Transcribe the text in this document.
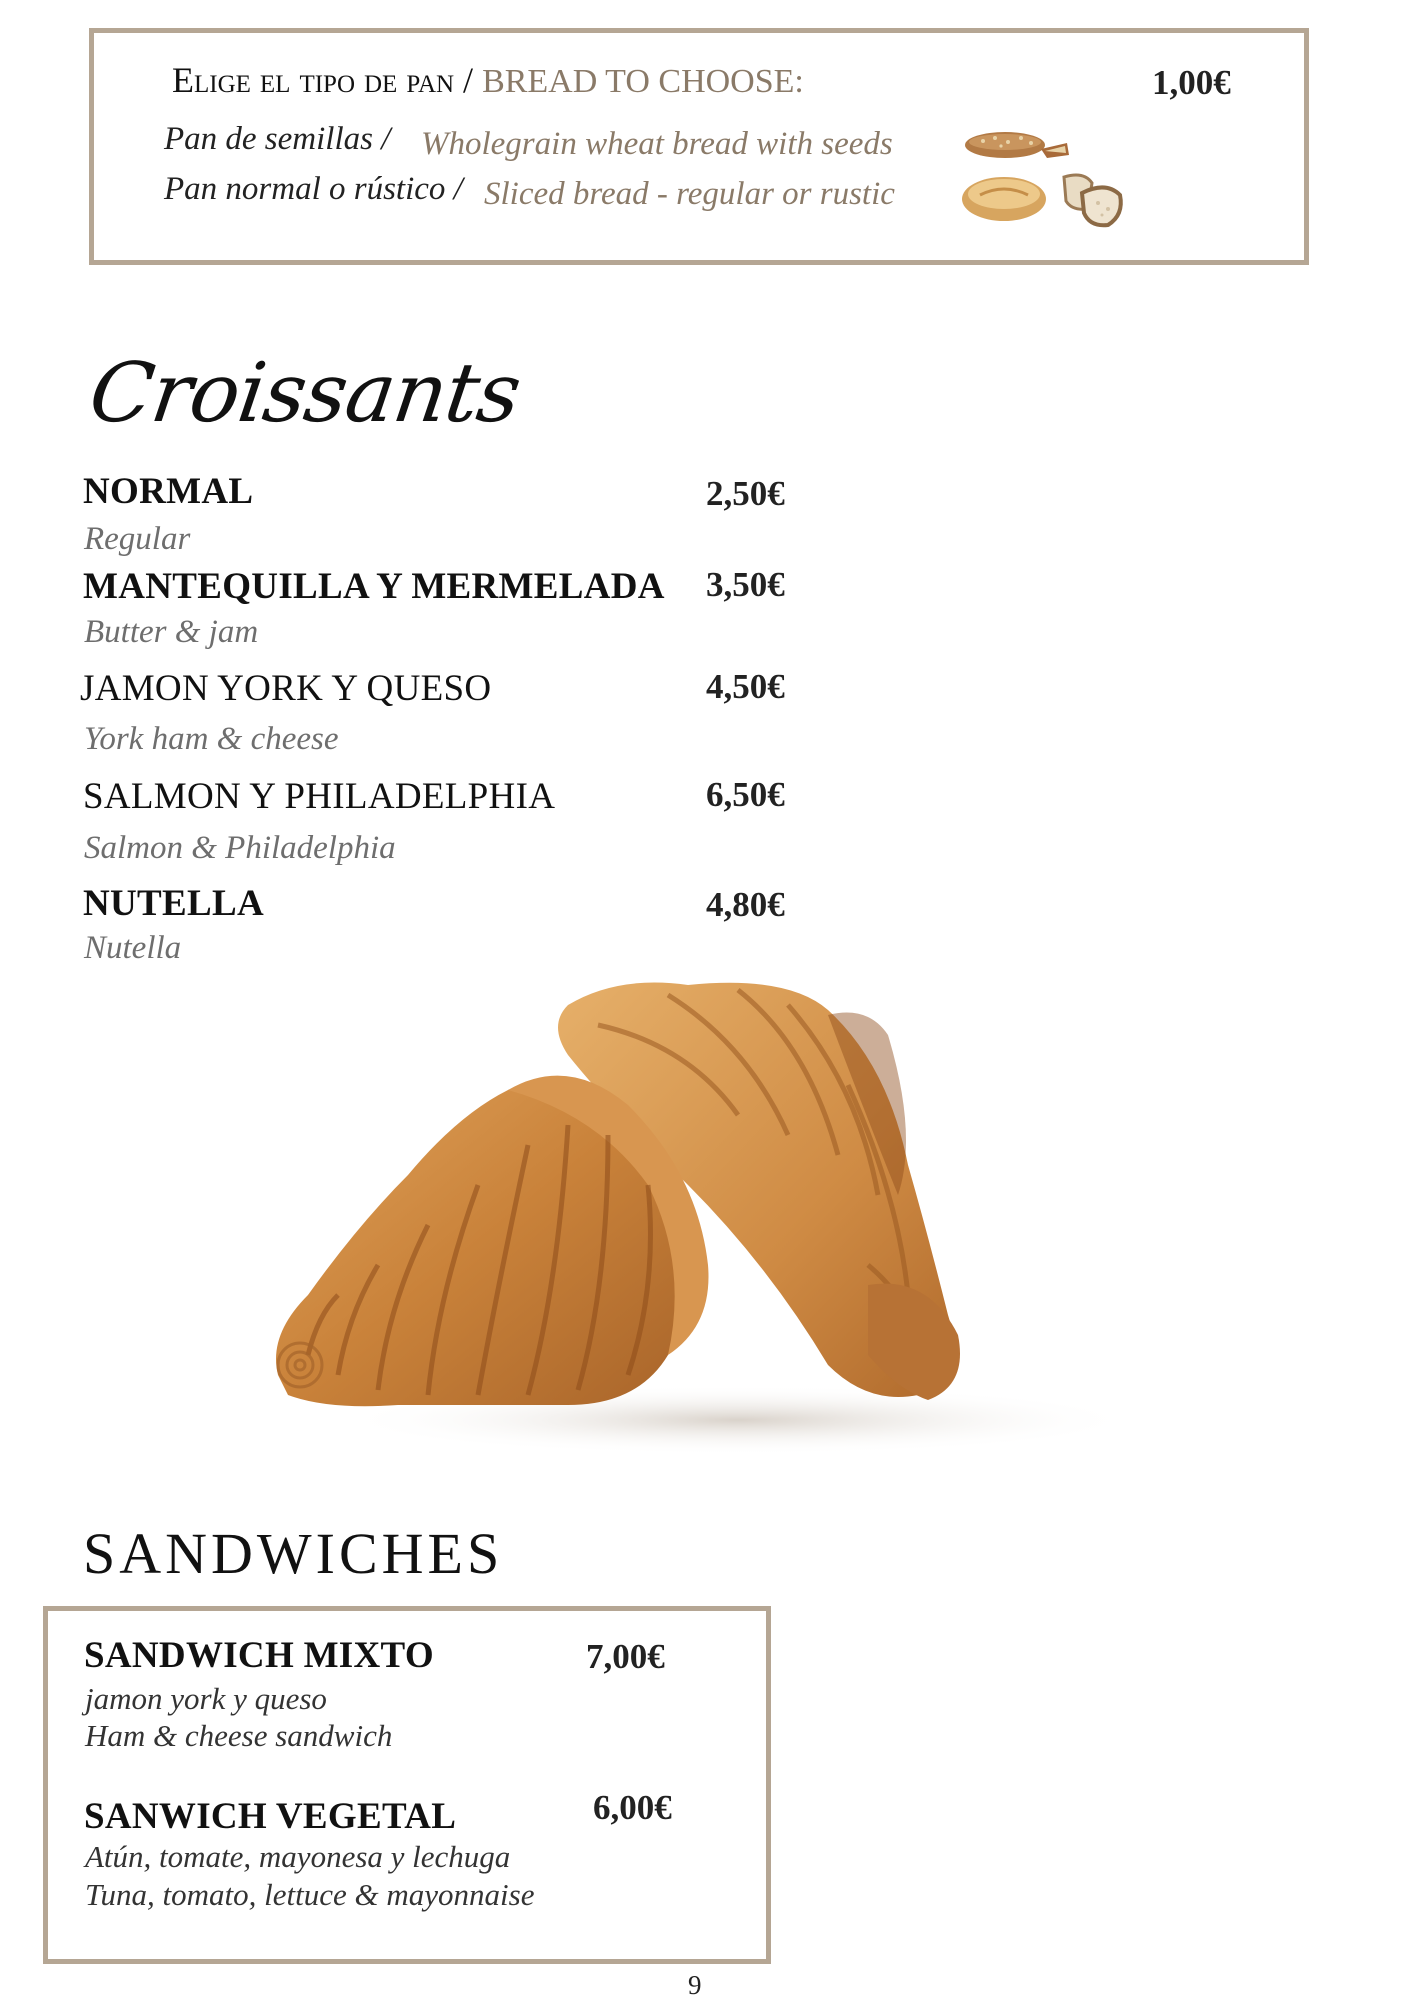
Elige el tipo de pan / BREAD TO CHOOSE:	1,00€
Pan de semillas / Wholegrain wheat bread with seeds
Pan normal o rústico / Sliced bread - regular or rustic
Croissants
NORMAL	2,50€
Regular
MANTEQUILLA Y MERMELADA 3,50€
Butter & jam
JAMON YORK Y QUESO	4,50€
York ham & cheese
SALMON Y PHILADELPHIA	6,50€
Salmon & Philadelphia
NUTELLA	4,80€
Nutella
SANDWICHES
SANDWICH MIXTO	7,00€
jamon york y queso
Ham & cheese sandwich
SANWICH VEGETAL	6,00€
Atún, tomate, mayonesa y lechuga
Tuna, tomato, lettuce & mayonnaise
9
